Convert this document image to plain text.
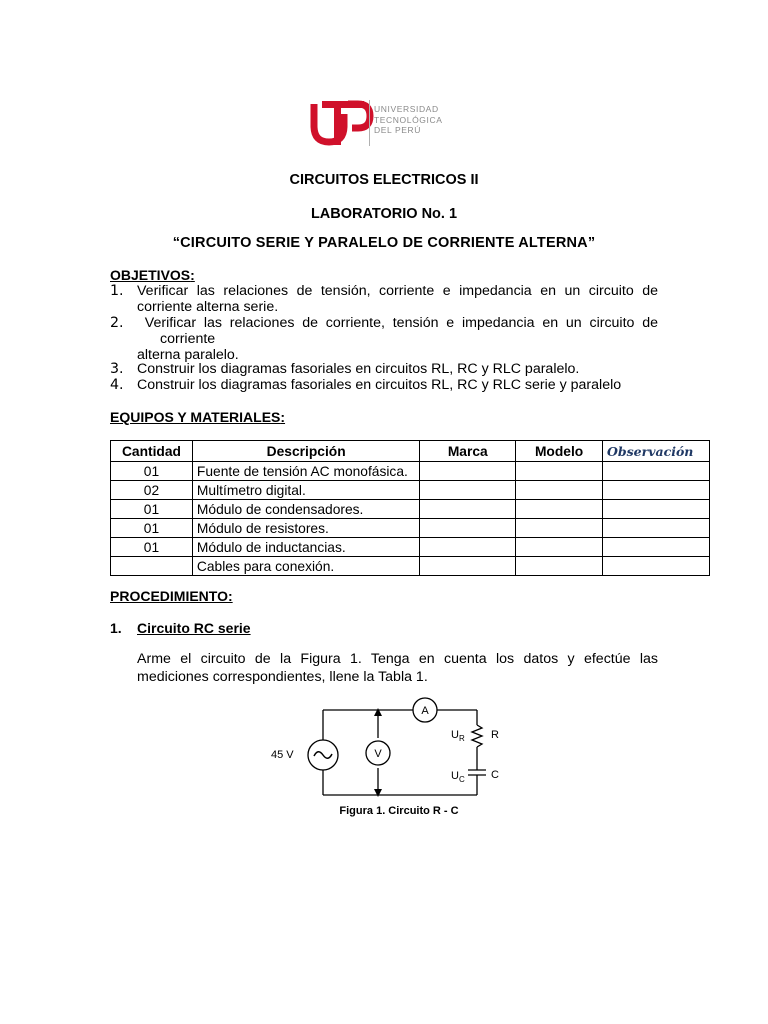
UNIVERSIDAD
TECNOLÓGICA
DEL PERÚ
CIRCUITOS ELECTRICOS II
LABORATORIO No. 1
“CIRCUITO SERIE Y PARALELO DE CORRIENTE ALTERNA”
OBJETIVOS:
1. Verificar las relaciones de tensión, corriente e impedancia en un circuito de
corriente alterna serie.
2. Verificar las relaciones de corriente, tensión e impedancia en un circuito de
corriente
alterna paralelo.
3. Construir los diagramas fasoriales en circuitos RL, RC y RLC paralelo.
4. Construir los diagramas fasoriales en circuitos RL, RC y RLC serie y paralelo
EQUIPOS Y MATERIALES:
Cantidad	Descripción	Marca	Modelo	Observación
01	Fuente de tensión AC monofásica.			
02	Multímetro digital.			
01	Módulo de condensadores.			
01	Módulo de resistores.			
01	Módulo de inductancias.			
	Cables para conexión.			
PROCEDIMIENTO:
1. Circuito RC serie
Arme el circuito de la Figura 1. Tenga en cuenta los datos y efectúe las
mediciones correspondientes, llene la Tabla 1.
V
A
45 V
$U_R$ R
$U_C$ C
Figura 1. Circuito R - C
